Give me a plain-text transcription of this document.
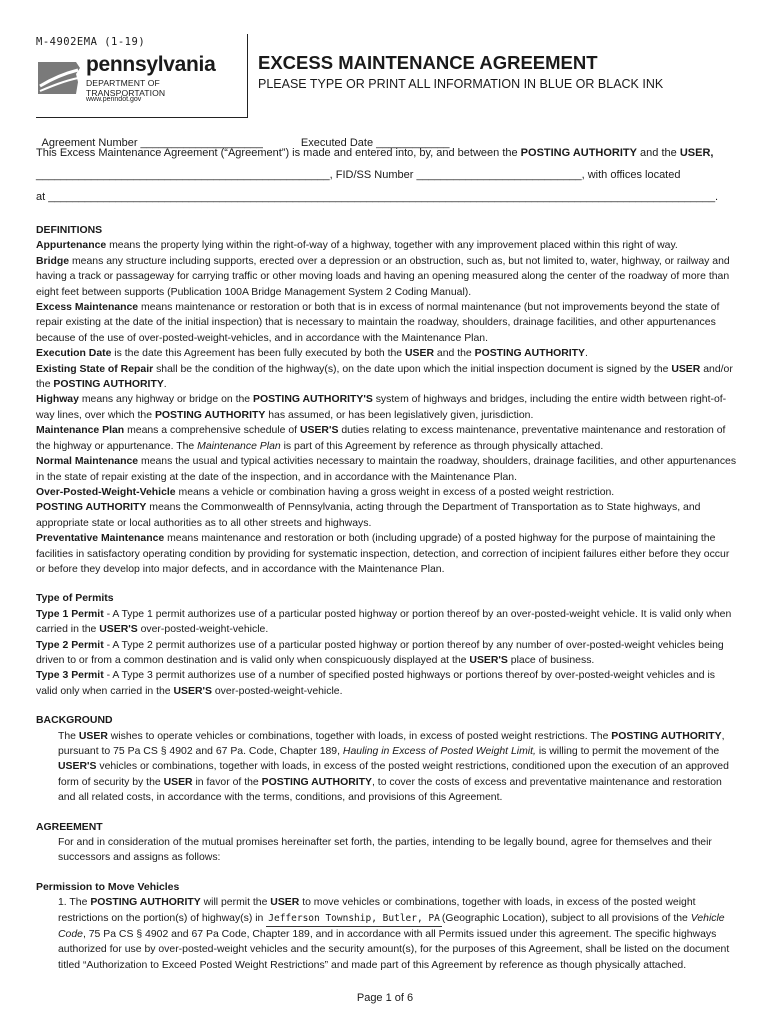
M-4902EMA (1-19)
pennsylvania
DEPARTMENT OF TRANSPORTATION
www.penndot.gov
EXCESS MAINTENANCE AGREEMENT
PLEASE TYPE OR PRINT ALL INFORMATION IN BLUE OR BLACK INK

Agreement Number ____________________	Executed Date ____________

This Excess Maintenance Agreement (“Agreement”) is made and entered into, by, and between the POSTING AUTHORITY and the USER,
________________________________________________, FID/SS Number ___________________________, with offices located
at _____________________________________________________________________________________________________________.

DEFINITIONS

Appurtenance means the property lying within the right-of-way of a highway, together with any improvement placed within this right of way.

Bridge means any structure including supports, erected over a depression or an obstruction, such as, but not limited to, water, highway, or railway and having a track or passageway for carrying traffic or other moving loads and having an opening measured along the center of the roadway of more than eight feet between supports (Publication 100A Bridge Management System 2 Coding Manual).

Excess Maintenance means maintenance or restoration or both that is in excess of normal maintenance (but not improvements beyond the state of repair existing at the date of the initial inspection) that is necessary to maintain the roadway, shoulders, drainage facilities, and other appurtenances because of the use of over-posted-weight-vehicles, and in accordance with the Maintenance Plan.

Execution Date is the date this Agreement has been fully executed by both the USER and the POSTING AUTHORITY.

Existing State of Repair shall be the condition of the highway(s), on the date upon which the initial inspection document is signed by the USER and/or the POSTING AUTHORITY.

Highway means any highway or bridge on the POSTING AUTHORITY'S system of highways and bridges, including the entire width between right-of-way lines, over which the POSTING AUTHORITY has assumed, or has been legislatively given, jurisdiction.

Maintenance Plan means a comprehensive schedule of USER'S duties relating to excess maintenance, preventative maintenance and restoration of the highway or appurtenance. The Maintenance Plan is part of this Agreement by reference as through physically attached.

Normal Maintenance means the usual and typical activities necessary to maintain the roadway, shoulders, drainage facilities, and other appurtenances in the state of repair existing at the date of the inspection, and in accordance with the Maintenance Plan.

Over-Posted-Weight-Vehicle means a vehicle or combination having a gross weight in excess of a posted weight restriction.

POSTING AUTHORITY means the Commonwealth of Pennsylvania, acting through the Department of Transportation as to State highways, and appropriate state or local authorities as to all other streets and highways.

Preventative Maintenance means maintenance and restoration or both (including upgrade) of a posted highway for the purpose of maintaining the facilities in satisfactory operating condition by providing for systematic inspection, detection, and correction of incipient failures either before they occur or before they develop into major defects, and in accordance with the Maintenance Plan.

Type of Permits

Type 1 Permit - A Type 1 permit authorizes use of a particular posted highway or portion thereof by an over-posted-weight vehicle. It is valid only when carried in the USER'S over-posted-weight-vehicle.

Type 2 Permit - A Type 2 permit authorizes use of a particular posted highway or portion thereof by any number of over-posted-weight vehicles being driven to or from a common destination and is valid only when conspicuously displayed at the USER'S place of business.

Type 3 Permit - A Type 3 permit authorizes use of a number of specified posted highways or portions thereof by over-posted-weight vehicles and is valid only when carried in the USER'S over-posted-weight-vehicle.

BACKGROUND

The USER wishes to operate vehicles or combinations, together with loads, in excess of posted weight restrictions. The POSTING AUTHORITY, pursuant to 75 Pa CS § 4902 and 67 Pa. Code, Chapter 189, Hauling in Excess of Posted Weight Limit, is willing to permit the movement of the USER'S vehicles or combinations, together with loads, in excess of the posted weight restrictions, conditioned upon the execution of an approved form of security by the USER in favor of the POSTING AUTHORITY, to cover the costs of excess and preventative maintenance and restoration and all related costs, in accordance with the terms, conditions, and provisions of this Agreement.

AGREEMENT

For and in consideration of the mutual promises hereinafter set forth, the parties, intending to be legally bound, agree for themselves and their successors and assigns as follows:

Permission to Move Vehicles

1. The POSTING AUTHORITY will permit the USER to move vehicles or combinations, together with loads, in excess of the posted weight restrictions on the portion(s) of highway(s) in Jefferson Township, Butler, PA (Geographic Location), subject to all provisions of the Vehicle Code, 75 Pa CS § 4902 and 67 Pa Code, Chapter 189, and in accordance with all Permits issued under this agreement. The specific highways authorized for use by over-posted-weight vehicles and the security amount(s), for the purposes of this Agreement, shall be listed on the document titled “Authorization to Exceed Posted Weight Restrictions” and made part of this Agreement by reference as though physically attached.

Page 1 of 6
